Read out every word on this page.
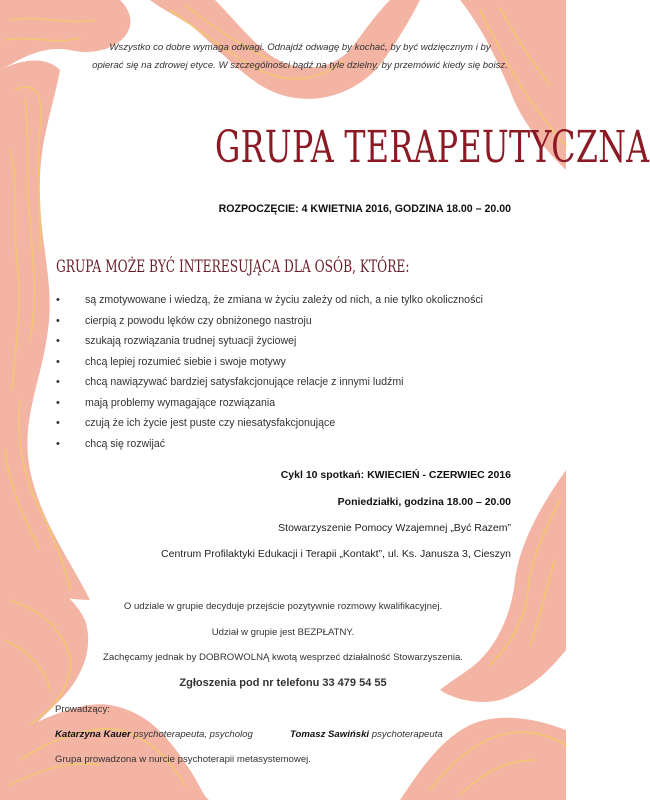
Wszystko co dobre wymaga odwagi. Odnajdź odwagę by kochać, by być wdzięcznym i by
opierać się na zdrowej etyce. W szczególności bądź na tyle dzielny, by przemówić kiedy się boisz.
GRUPA TERAPEUTYCZNA
ROZPOCZĘCIE: 4 KWIETNIA 2016, GODZINA 18.00 – 20.00
GRUPA MOŻE BYĆ INTERESUJĄCA DLA OSÓB, KTÓRE:
• są zmotywowane i wiedzą, że zmiana w życiu zależy od nich, a nie tylko okoliczności
• cierpią z powodu lęków czy obniżonego nastroju
• szukają rozwiązania trudnej sytuacji życiowej
• chcą lepiej rozumieć siebie i swoje motywy
• chcą nawiązywać bardziej satysfakcjonujące relacje z innymi ludźmi
• mają problemy wymagające rozwiązania
• czują że ich życie jest puste czy niesatysfakcjonujące
• chcą się rozwijać
Cykl 10 spotkań: KWIECIEŃ - CZERWIEC 2016
Poniedziałki, godzina 18.00 – 20.00
Stowarzyszenie Pomocy Wzajemnej „Być Razem”
Centrum Profilaktyki Edukacji i Terapii „Kontakt”, ul. Ks. Janusza 3, Cieszyn
O udziale w grupie decyduje przejście pozytywnie rozmowy kwalifikacyjnej.
Udział w grupie jest BEZPŁATNY.
Zachęcamy jednak by DOBROWOLNĄ kwotą wesprzeć działalność Stowarzyszenia.
Zgłoszenia pod nr telefonu 33 479 54 55
Prowadzący:
Katarzyna Kauer psychoterapeuta, psycholog	Tomasz Sawiński psychoterapeuta
Grupa prowadzona w nurcie psychoterapii metasystemowej.
